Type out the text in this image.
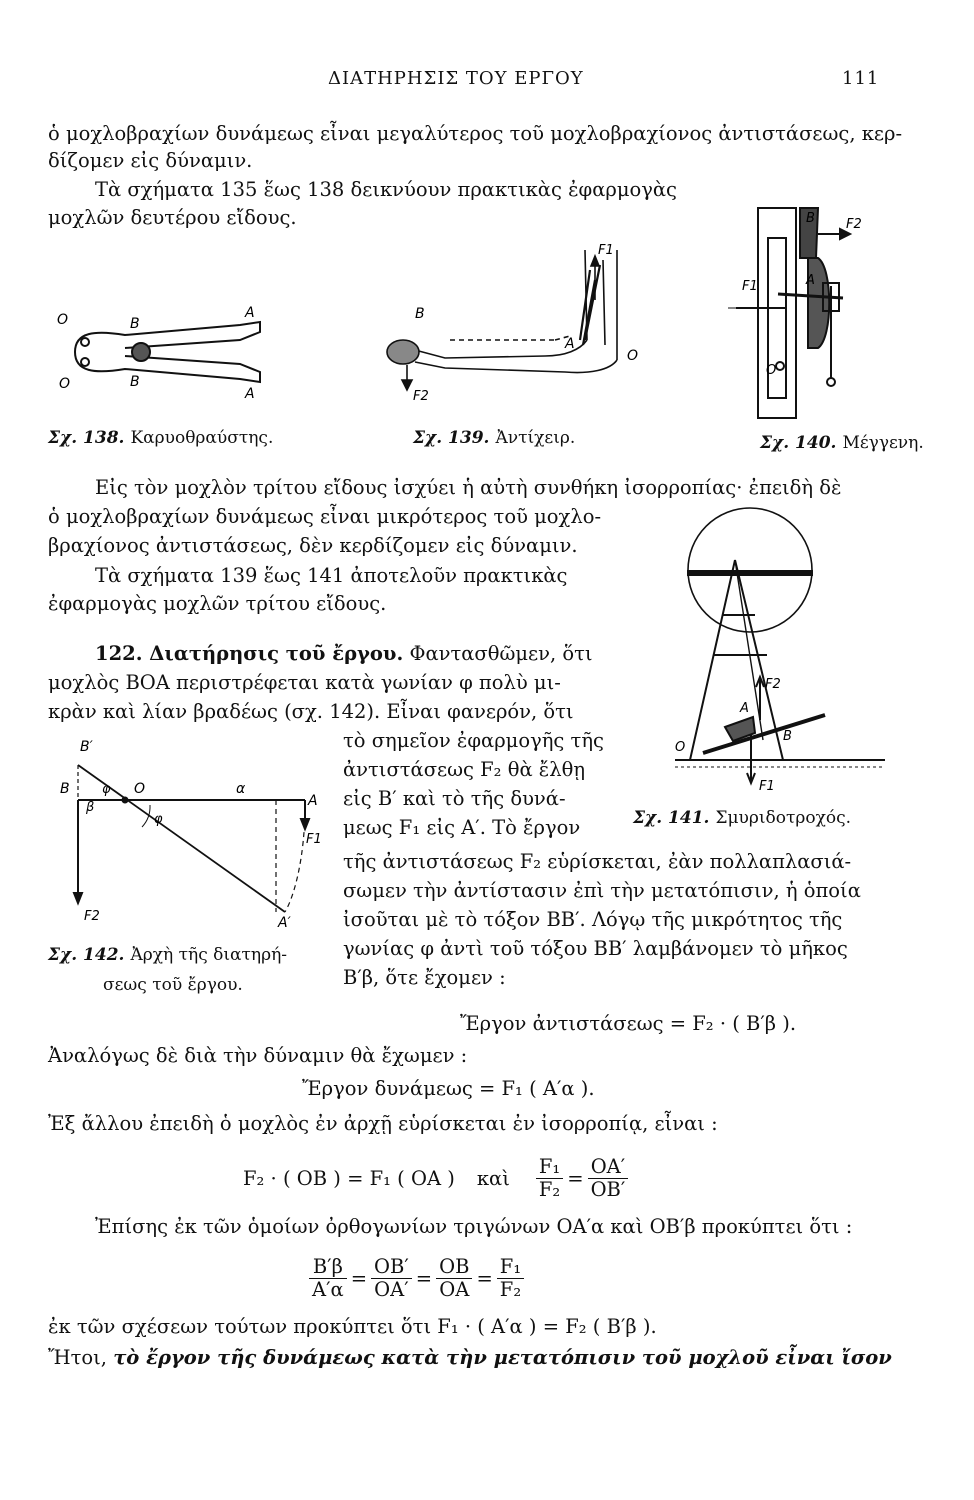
ΔΙΑΤΗΡΗΣΙΣ ΤΟΥ ΕΡΓΟΥ	111
ὁ μοχλοβραχίων δυνάμεως εἶναι μεγαλύτερος τοῦ μοχλοβραχίονος ἀντιστάσεως, κερ-
δίζομεν εἰς δύναμιν.
Τὰ σχήματα 135 ἕως 138 δεικνύουν πρακτικὰς ἐφαρμογὰς
μοχλῶν δευτέρου εἴδους.
O	B
A
O	B
A
Σχ. 138. Καρυοθραύστης.
B
A
O
F1
F2
Σχ. 139. Ἀντίχειρ.
B F2
F1	A
O
Σχ. 140. Μέγγενη.
Εἰς τὸν μοχλὸν τρίτου εἴδους ἰσχύει ἡ αὐτὴ συνθήκη ἰσορροπίας· ἐπειδὴ δὲ
ὁ μοχλοβραχίων δυνάμεως εἶναι μικρότερος τοῦ μοχλο-
βραχίονος ἀντιστάσεως, δὲν κερδίζομεν εἰς δύναμιν.
Τὰ σχήματα 139 ἕως 141 ἀποτελοῦν πρακτικὰς
ἐφαρμογὰς μοχλῶν τρίτου εἴδους.
O
A
B
F2
F1
Σχ. 141. Σμυριδοτροχός.
122. Διατήρησις τοῦ ἔργου. Φαντασθῶμεν, ὅτι
μοχλὸς ΒΟΑ περιστρέφεται κατὰ γωνίαν φ πολὺ μι-
κρὰν καὶ λίαν βραδέως (σχ. 142). Εἶναι φανερόν, ὅτι
τὸ σημεῖον ἐφαρμογῆς τῆς
ἀντιστάσεως F₂ θὰ ἔλθῃ
εἰς Β′ καὶ τὸ τῆς δυνά-
μεως F₁ εἰς Α′. Τὸ ἔργον
τῆς ἀντιστάσεως F₂ εὑρίσκεται, ἐὰν πολλαπλασιά-
σωμεν τὴν ἀντίστασιν ἐπὶ τὴν μετατόπισιν, ἡ ὁποία
ἰσοῦται μὲ τὸ τόξον ΒΒ′. Λόγῳ τῆς μικρότητος τῆς
γωνίας φ ἀντὶ τοῦ τόξου ΒΒ′ λαμβάνομεν τὸ μῆκος
Β′β, ὅτε ἔχομεν :
B′
B
β
φ O
φ
α
A
A′
F1
F2
Σχ. 142. Ἀρχὴ τῆς διατηρή-
σεως τοῦ ἔργου.
Ἔργον ἀντιστάσεως = F₂ · ( Β′β ).
Ἀναλόγως δὲ διὰ τὴν δύναμιν θὰ ἔχωμεν :
Ἔργον δυνάμεως = F₁ ( Α′α ).
Ἐξ ἄλλου ἐπειδὴ ὁ μοχλὸς ἐν ἀρχῇ εὑρίσκεται ἐν ἰσορροπίᾳ, εἶναι :
F₂ · ( ΟΒ ) = F₁ ( ΟΑ ) καὶ $\frac{\text{F₁}}{\text{F₂}} = \frac{OA'}{OB'}$
Ἐπίσης ἐκ τῶν ὁμοίων ὀρθογωνίων τριγώνων ΟΑ′α καὶ ΟΒ′β προκύπτει ὅτι :
$\frac{B'\beta}{A'\alpha} = \frac{OB'}{OA'} = \frac{OB}{OA} = \frac{\text{F₁}}{\text{F₂}}$
ἐκ τῶν σχέσεων τούτων προκύπτει ὅτι F₁ · ( Α′α ) = F₂ ( Β′β ).
Ἤτοι, τὸ ἔργον τῆς δυνάμεως κατὰ τὴν μετατόπισιν τοῦ μοχλοῦ εἶναι ἴσον
